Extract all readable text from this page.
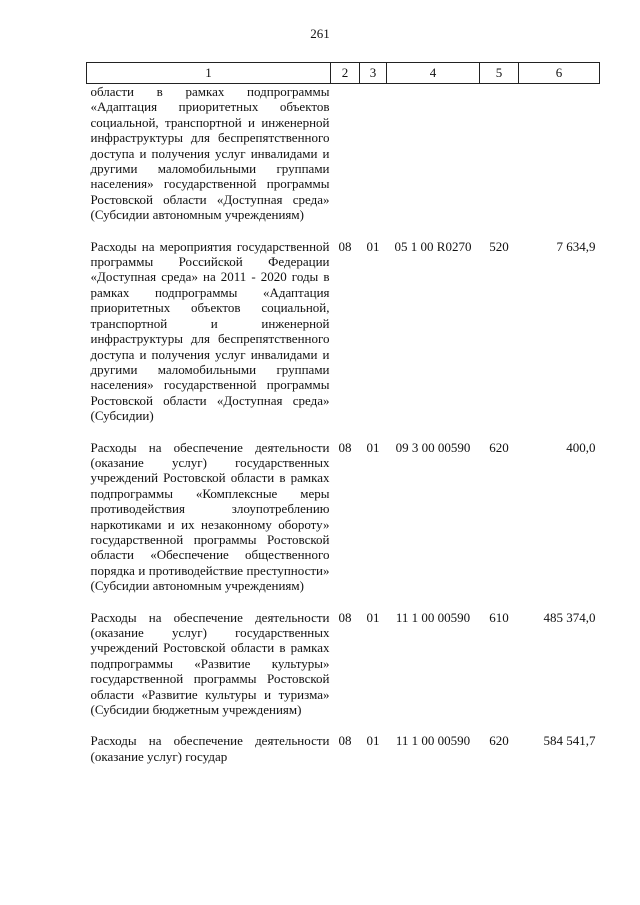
261
1	2	3	4	5	6
области в рамках подпрограммы «Адаптация приоритетных объектов социальной, транспортной и инженерной инфраструктуры для беспрепятственного доступа и получения услуг инвалидами и другими маломобильными группами населения» государственной программы Ростовской области «Доступная среда» (Субсидии автономным учреждениям)					
Расходы на мероприятия государственной программы Российской Федерации «Доступная среда» на 2011 - 2020 годы в рамках подпрограммы «Адаптация приоритетных объектов социальной, транспортной и инженерной инфраструктуры для беспрепятственного доступа и получения услуг инвалидами и другими маломобильными группами населения» государственной программы Ростовской области «Доступная среда» (Субсидии)	08	01	05 1 00 R0270	520	7 634,9
Расходы на обеспечение деятельности (оказание услуг) государственных учреждений Ростовской области в рамках подпрограммы «Комплексные меры противодействия злоупотреблению наркотиками и их незаконному обороту» государственной программы Ростовской области «Обеспечение общественного порядка и противодействие преступности» (Субсидии автономным учреждениям)	08	01	09 3 00 00590	620	400,0
Расходы на обеспечение деятельности (оказание услуг) государственных учреждений Ростовской области в рамках подпрограммы «Развитие культуры» государственной программы Ростовской области «Развитие культуры и туризма» (Субсидии бюджетным учреждениям)	08	01	11 1 00 00590	610	485 374,0
Расходы на обеспечение деятельности (оказание услуг) государ	08	01	11 1 00 00590	620	584 541,7
